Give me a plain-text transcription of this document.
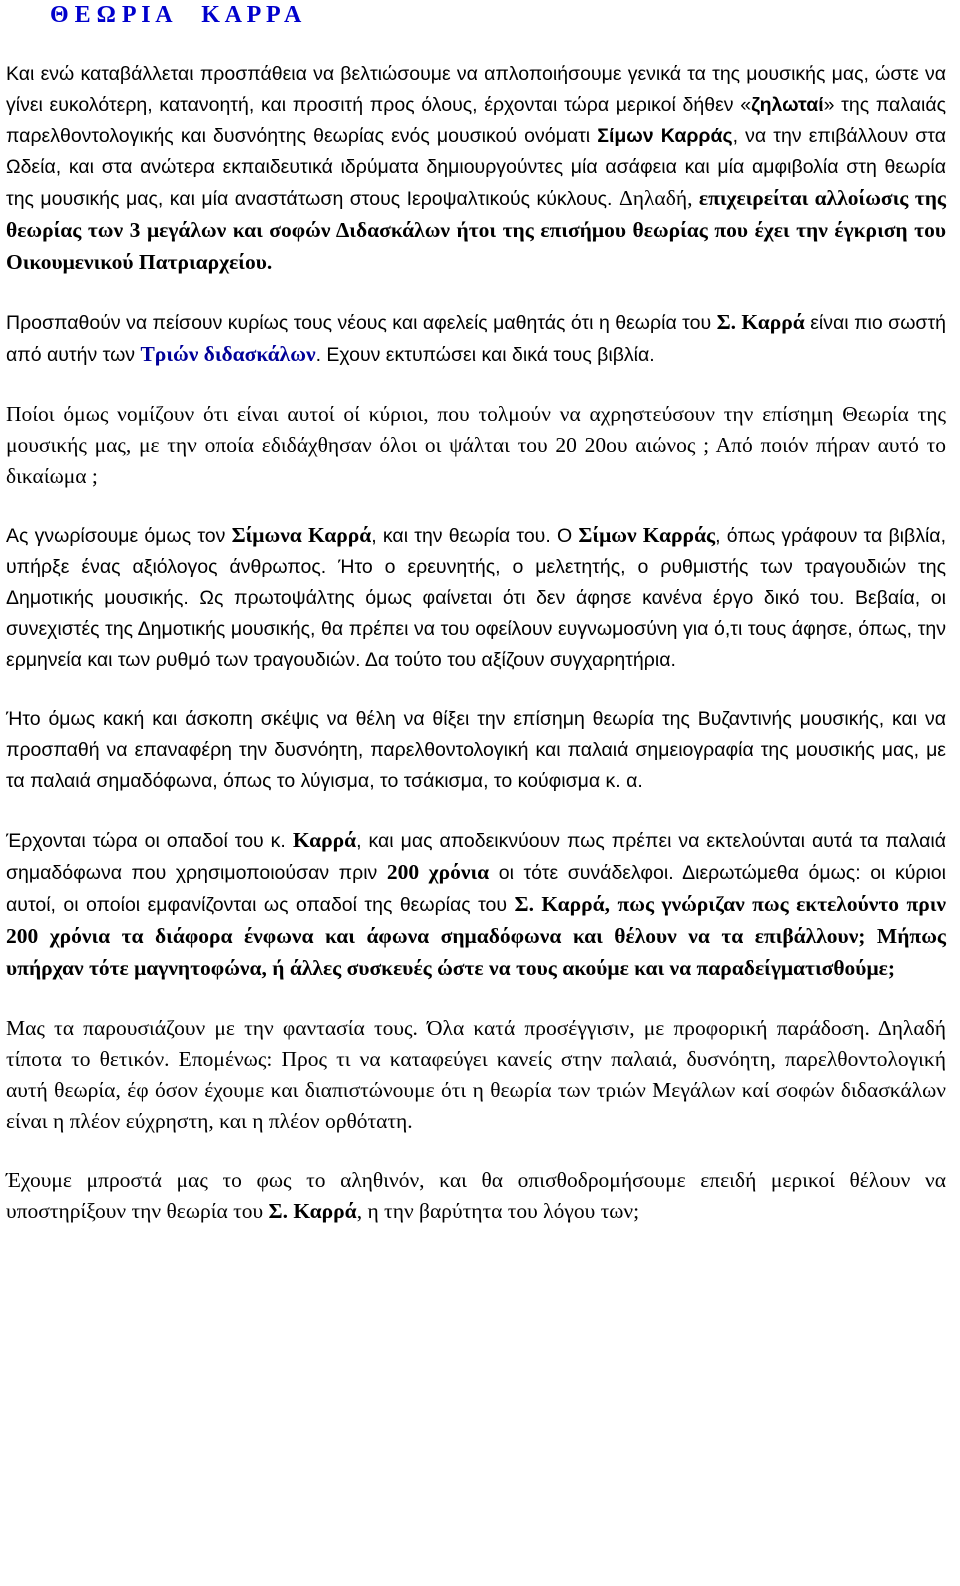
Θ Ε Ω Ρ Ι Α     Κ Α Ρ Ρ Α

Και ενώ καταβάλλεται προσπάθεια να βελτιώσουμε να απλοποιήσουμε γενικά τα της μουσικής μας, ώστε να γίνει ευκολότερη, κατανοητή, και προσιτή προς όλους, έρχονται τώρα μερικοί δήθεν «ζηλωταί» της παλαιάς παρελθοντολογικής και δυσνόητης θεωρίας ενός μουσικού ονόματι Σίμων Καρράς, να την επιβάλλουν στα Ωδεία, και στα ανώτερα εκπαιδευτικά ιδρύματα δημιουργούντες μία ασάφεια και μία αμφιβολία στη θεωρία της μουσικής μας, και μία αναστάτωση στους Ιεροψαλτικούς κύκλους. Δηλαδή, επιχειρείται αλλοίωσις της θεωρίας των 3 μεγάλων και σοφών Διδασκάλων ήτοι της επισήμου θεωρίας που έχει την έγκριση του Οικουμενικού Πατριαρχείου.

Προσπαθούν να πείσουν κυρίως τους νέους και αφελείς μαθητάς ότι η θεωρία του Σ. Καρρά είναι πιο σωστή από αυτήν των Τριών διδασκάλων. Εχουν εκτυπώσει και δικά τους βιβλία.

Ποίοι όμως νομίζουν ότι είναι αυτοί οί κύριοι, που τολμούν να αχρηστεύσουν την επίσημη Θεωρία της μουσικής μας, με την οποία εδιδάχθησαν όλοι οι ψάλται του 20 20ου αιώνος ; Από ποιόν πήραν αυτό το δικαίωμα ;

Ας γνωρίσουμε όμως τον Σίμωνα Καρρά, και την θεωρία του. Ο Σίμων Καρράς, όπως γράφουν τα βιβλία, υπήρξε ένας αξιόλογος άνθρωπος. Ήτο ο ερευνητής, ο μελετητής, ο ρυθμιστής των τραγουδιών της Δημοτικής μουσικής. Ως πρωτοψάλτης όμως φαίνεται ότι δεν άφησε κανένα έργο δικό του. Βεβαία, οι συνεχιστές της Δημοτικής μουσικής, θα πρέπει να του οφείλουν ευγνωμοσύνη για ό,τι τους άφησε, όπως, την ερμηνεία και των ρυθμό των τραγουδιών. Δα τούτο του αξίζουν συγχαρητήρια.

Ήτο όμως κακή και άσκοπη σκέψις να θέλη να θίξει την επίσημη θεωρία της Βυζαντινής μουσικής, και να προσπαθή να επαναφέρη την δυσνόητη, παρελθοντολογική και παλαιά σημειογραφία της μουσικής μας, με τα παλαιά σημαδόφωνα, όπως το λύγισμα, το τσάκισμα, το κούφισμα κ. α.

Έρχονται τώρα οι οπαδοί του κ. Καρρά, και μας αποδεικνύουν πως πρέπει να εκτελούνται αυτά τα παλαιά σημαδόφωνα που χρησιμοποιούσαν πριν 200 χρόνια οι τότε συνάδελφοι. Διερωτώμεθα όμως: οι κύριοι αυτοί, οι οποίοι εμφανίζονται ως οπαδοί της θεωρίας του Σ. Καρρά, πως γνώριζαν πως εκτελούντο πριν 200 χρόνια τα διάφορα ένφωνα και άφωνα σημαδόφωνα και θέλουν να τα επιβάλλουν; Μήπως υπήρχαν τότε μαγνητοφώνα, ή άλλες συσκευές ώστε να τους ακούμε και να παραδείγματισθούμε;

Μας τα παρουσιάζουν με την φαντασία τους. Όλα κατά προσέγγισιν, με προφορική παράδοση. Δηλαδή τίποτα το θετικόν. Επομένως: Προς τι να καταφεύγει κανείς στην παλαιά, δυσνόητη, παρελθοντολογική αυτή θεωρία, έφ όσον έχουμε και διαπιστώνουμε ότι η θεωρία των τριών Μεγάλων καί σοφών διδασκάλων είναι η πλέον εύχρηστη, και η πλέον ορθότατη.

Έχουμε μπροστά μας το φως το αληθινόν, και θα οπισθοδρομήσουμε επειδή μερικοί θέλουν να υποστηρίξουν την θεωρία του Σ. Καρρά, η την βαρύτητα του λόγου των;
